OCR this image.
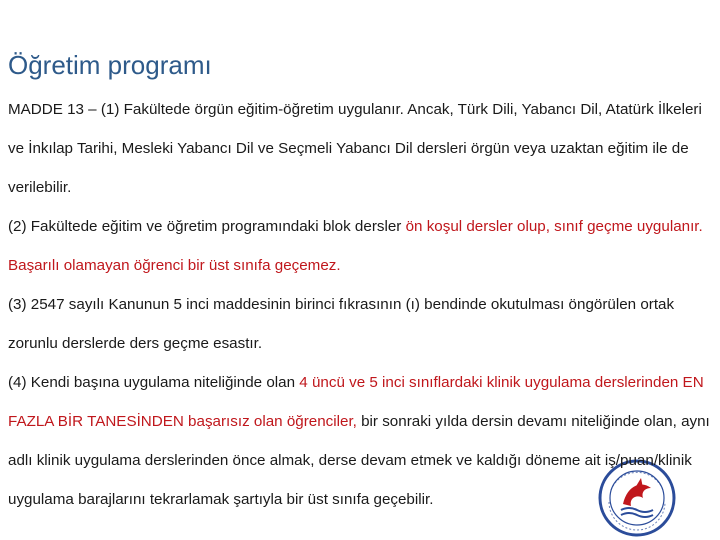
Öğretim programı

MADDE 13 – (1) Fakültede örgün eğitim-öğretim uygulanır. Ancak, Türk Dili, Yabancı Dil, Atatürk İlkeleri ve İnkılap Tarihi, Mesleki Yabancı Dil ve Seçmeli Yabancı Dil dersleri örgün veya uzaktan eğitim ile de verilebilir.

(2) Fakültede eğitim ve öğretim programındaki blok dersler ön koşul dersler olup, sınıf geçme uygulanır. Başarılı olamayan öğrenci bir üst sınıfa geçemez.

(3) 2547 sayılı Kanunun 5 inci maddesinin birinci fıkrasının (ı) bendinde okutulması öngörülen ortak zorunlu derslerde ders geçme esastır.

(4) Kendi başına uygulama niteliğinde olan 4 üncü ve 5 inci sınıflardaki klinik uygulama derslerinden EN FAZLA BİR TANESİNDEN başarısız olan öğrenciler, bir sonraki yılda dersin devamı niteliğinde olan, aynı adlı klinik uygulama derslerinden önce almak, derse devam etmek ve kaldığı döneme ait iş/puan/klinik uygulama barajlarını tekrarlamak şartıyla bir üst sınıfa geçebilir.
